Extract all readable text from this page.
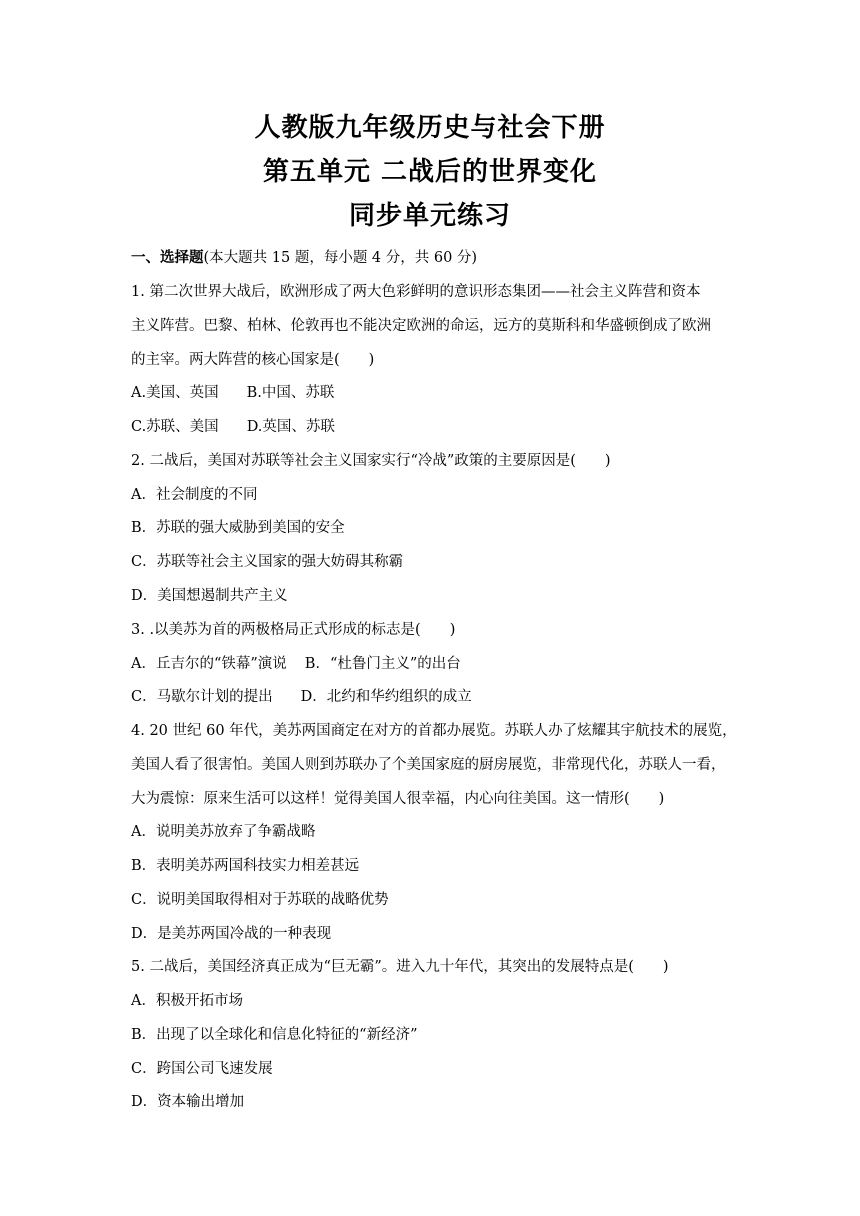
人教版九年级历史与社会下册
第五单元 二战后的世界变化
同步单元练习
一、选择题(本大题共 15 题，每小题 4 分，共 60 分)
1. 第二次世界大战后，欧洲形成了两大色彩鲜明的意识形态集团——社会主义阵营和资本
主义阵营。巴黎、柏林、伦敦再也不能决定欧洲的命运，远方的莫斯科和华盛顿倒成了欧洲
的主宰。两大阵营的核心国家是(　　)
A.美国、英国 B.中国、苏联
C.苏联、美国 D.英国、苏联
2. 二战后，美国对苏联等社会主义国家实行“冷战”政策的主要原因是(　　)
A．社会制度的不同
B．苏联的强大威胁到美国的安全
C．苏联等社会主义国家的强大妨碍其称霸
D．美国想遏制共产主义
3. .以美苏为首的两极格局正式形成的标志是(　　)
A．丘吉尔的“铁幕”演说 B．“杜鲁门主义”的出台
C．马歇尔计划的提出 D．北约和华约组织的成立
4. 20 世纪 60 年代，美苏两国商定在对方的首都办展览。苏联人办了炫耀其宇航技术的展览，
美国人看了很害怕。美国人则到苏联办了个美国家庭的厨房展览，非常现代化，苏联人一看，
大为震惊：原来生活可以这样！觉得美国人很幸福，内心向往美国。这一情形(　　)
A．说明美苏放弃了争霸战略
B．表明美苏两国科技实力相差甚远
C．说明美国取得相对于苏联的战略优势
D．是美苏两国冷战的一种表现
5. 二战后，美国经济真正成为“巨无霸”。进入九十年代，其突出的发展特点是(　　)
A．积极开拓市场
B．出现了以全球化和信息化特征的“新经济”
C．跨国公司飞速发展
D．资本输出增加
